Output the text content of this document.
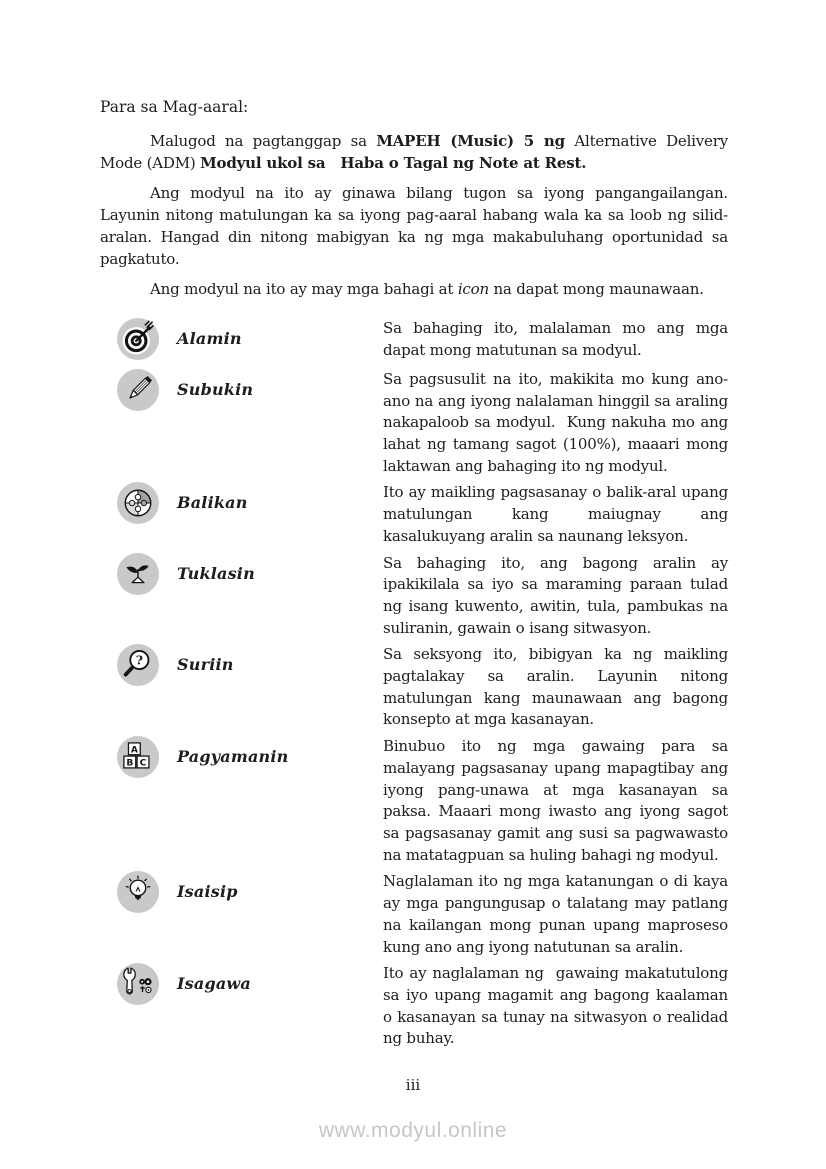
Para sa Mag-aaral:

Malugod na pagtanggap sa MAPEH (Music) 5 ng Alternative Delivery Mode (ADM) Modyul ukol sa   Haba o Tagal ng Note at Rest.

Ang modyul na ito ay ginawa bilang tugon sa iyong pangangailangan. Layunin nitong matulungan ka sa iyong pag-aaral habang wala ka sa loob ng silid-aralan. Hangad din nitong mabigyan ka ng mga makabuluhang oportunidad sa pagkatuto.

Ang modyul na ito ay may mga bahagi at icon na dapat mong maunawaan.

Alamin

Sa bahaging ito, malalaman mo ang mga dapat mong matutunan sa modyul.

Subukin

Sa pagsusulit na ito, makikita mo kung ano-ano na ang iyong nalalaman hinggil sa araling nakapaloob sa modyul.  Kung nakuha mo ang lahat ng tamang sagot (100%), maaari mong laktawan ang bahaging ito ng modyul.

Balikan

Ito ay maikling pagsasanay o balik-aral upang matulungan kang maiugnay ang kasalukuyang aralin sa naunang leksyon.

Tuklasin

Sa bahaging ito, ang bagong aralin ay ipakikilala sa iyo sa maraming paraan tulad ng isang kuwento, awitin, tula, pambukas na suliranin, gawain o isang sitwasyon.

? Suriin

Sa seksyong ito, bibigyan ka ng maikling pagtalakay sa aralin. Layunin nitong matulungan kang maunawaan ang bagong konsepto at mga kasanayan.

A
B C Pagyamanin

Binubuo ito ng mga gawaing para sa malayang pagsasanay upang mapagtibay ang iyong pang-unawa at mga kasanayan sa paksa. Maaari mong iwasto ang iyong sagot sa pagsasanay gamit ang susi sa pagwawasto na matatagpuan sa huling bahagi ng modyul.

Isaisip

Naglalaman ito ng mga katanungan o di kaya ay mga pangungusap o talatang may patlang na kailangan mong punan upang maproseso kung ano ang iyong natutunan sa aralin.

Isagawa

Ito ay naglalaman ng  gawaing makatutulong sa iyo upang magamit ang bagong kaalaman o kasanayan sa tunay na sitwasyon o realidad ng buhay.

iii
www.modyul.online
